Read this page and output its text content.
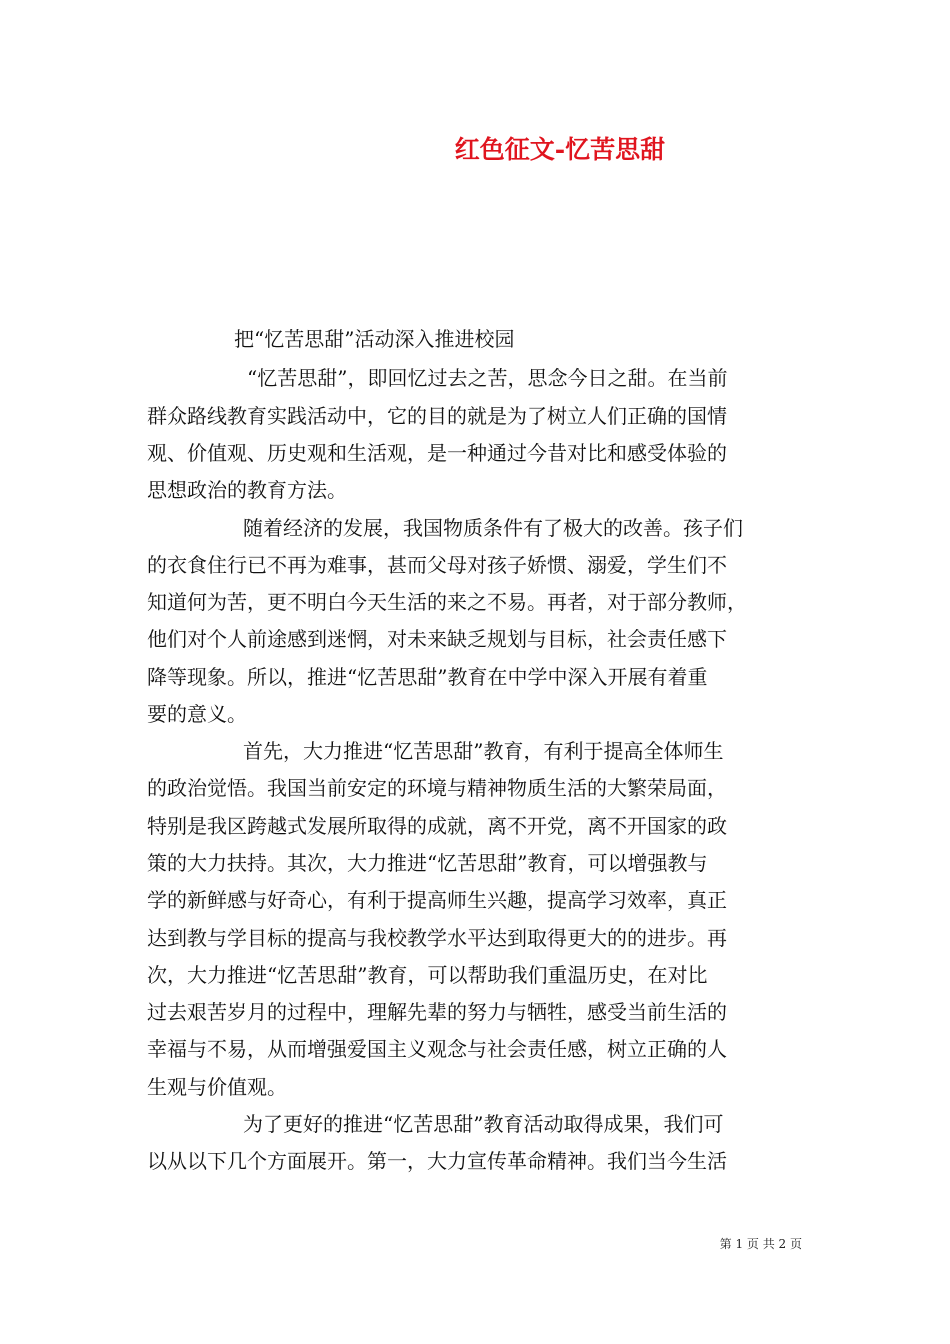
红色征文-忆苦思甜
把“忆苦思甜”活动深入推进校园
“忆苦思甜”，即回忆过去之苦，思念今日之甜。在当前
群众路线教育实践活动中，它的目的就是为了树立人们正确的国情
观、价值观、历史观和生活观，是一种通过今昔对比和感受体验的
思想政治的教育方法。
随着经济的发展，我国物质条件有了极大的改善。孩子们
的衣食住行已不再为难事，甚而父母对孩子娇惯、溺爱，学生们不
知道何为苦，更不明白今天生活的来之不易。再者，对于部分教师，
他们对个人前途感到迷惘，对未来缺乏规划与目标，社会责任感下
降等现象。所以，推进“忆苦思甜”教育在中学中深入开展有着重
要的意义。
首先，大力推进“忆苦思甜”教育，有利于提高全体师生
的政治觉悟。我国当前安定的环境与精神物质生活的大繁荣局面，
特别是我区跨越式发展所取得的成就，离不开党，离不开国家的政
策的大力扶持。其次，大力推进“忆苦思甜”教育，可以增强教与
学的新鲜感与好奇心，有利于提高师生兴趣，提高学习效率，真正
达到教与学目标的提高与我校教学水平达到取得更大的的进步。再
次，大力推进“忆苦思甜”教育，可以帮助我们重温历史，在对比
过去艰苦岁月的过程中，理解先辈的努力与牺牲，感受当前生活的
幸福与不易，从而增强爱国主义观念与社会责任感，树立正确的人
生观与价值观。
为了更好的推进“忆苦思甜”教育活动取得成果，我们可
以从以下几个方面展开。第一，大力宣传革命精神。我们当今生活
第 1 页 共 2 页
